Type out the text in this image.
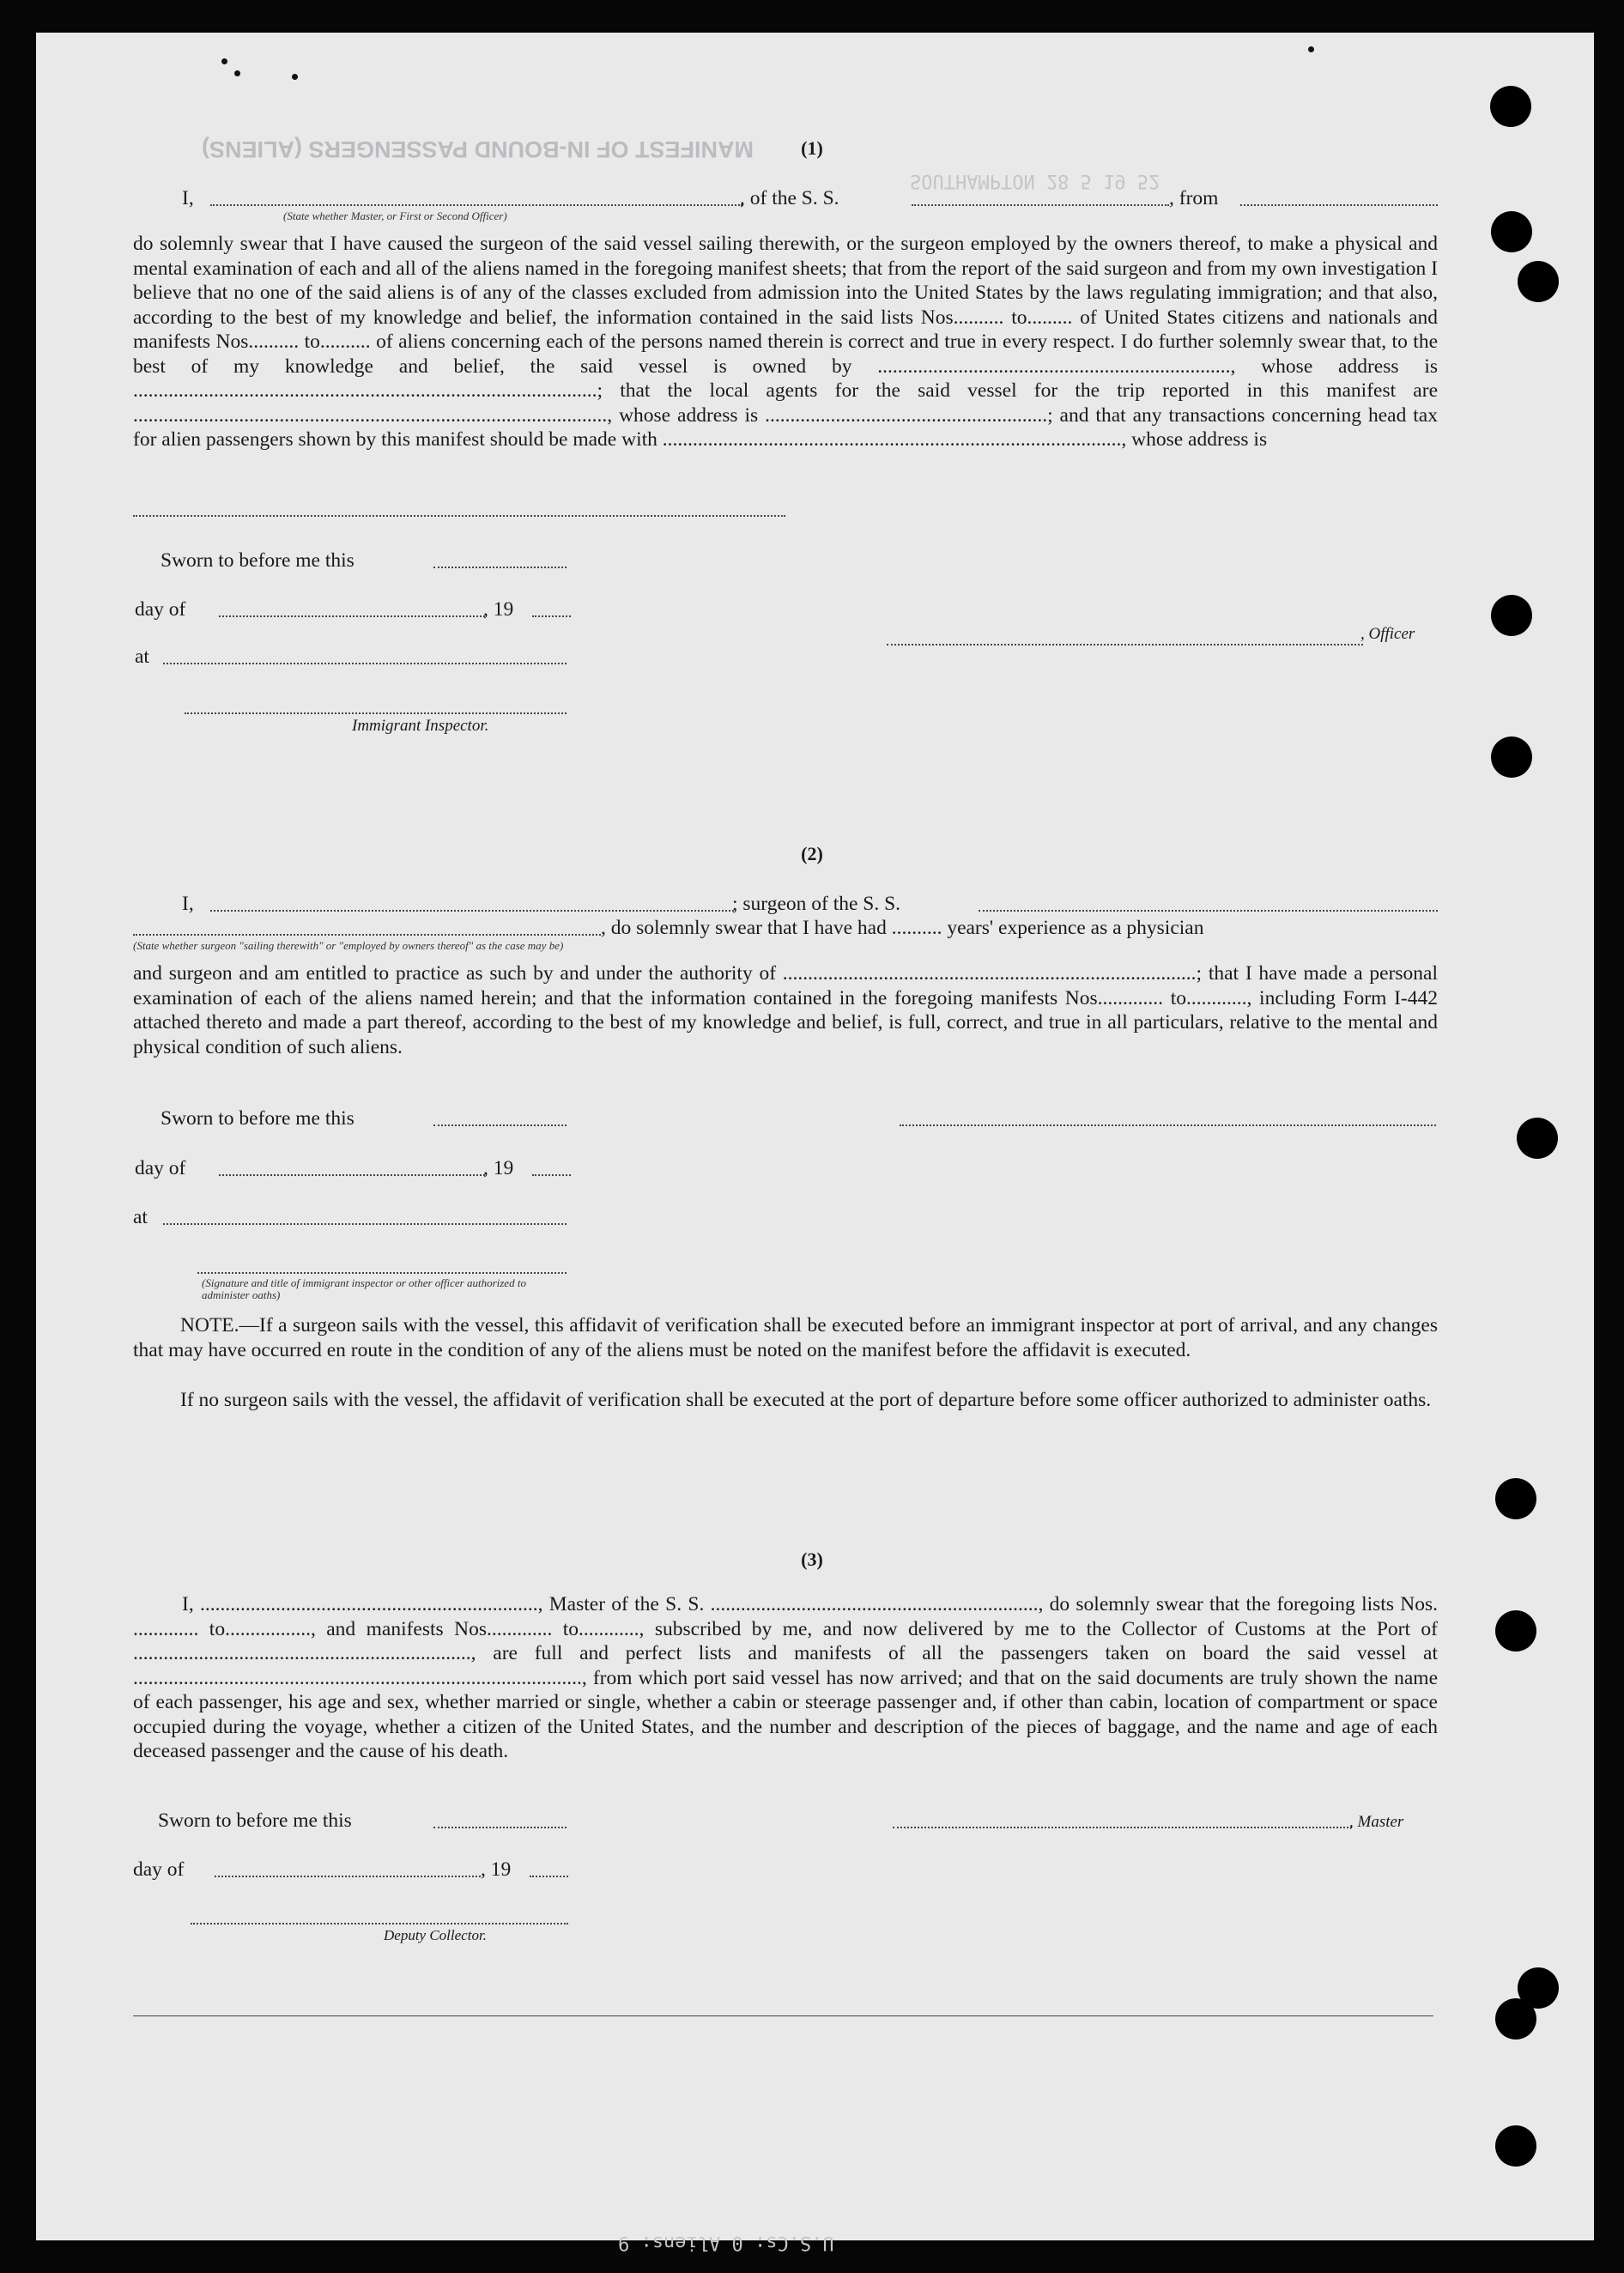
MANIFEST OF IN-BOUND PASSENGERS (ALIENS)
SOUTHAMPTON 28 5 19 52
U.S.Cs: 0 Aliens: 9
(1)
I,	, of the S. S.	, from
(State whether Master, or First or Second Officer)

do solemnly swear that I have caused the surgeon of the said vessel sailing therewith, or the surgeon employed by the owners thereof, to make a physical and mental examination of each and all of the aliens named in the foregoing manifest sheets; that from the report of the said surgeon and from my own investigation I believe that no one of the said aliens is of any of the classes excluded from admission into the United States by the laws regulating immigration; and that also, according to the best of my knowledge and belief, the information contained in the said lists Nos.......... to......... of United States citizens and nationals and manifests Nos.......... to.......... of aliens concerning each of the persons named therein is correct and true in every respect. I do further solemnly swear that, to the best of my knowledge and belief, the said vessel is owned by ......................................................................, whose address is ............................................................................................; that the local agents for the said vessel for the trip reported in this manifest are .............................................................................................., whose address is ........................................................; and that any transactions concerning head tax for alien passengers shown by this manifest should be made with ..........................................................................................., whose address is

Sworn to before me this
day of	, 19
at
Immigrant Inspector.
, Officer
(2)
I,	; surgeon of the S. S.
, do solemnly swear that I have had .......... years' experience as a physician
(State whether surgeon "sailing therewith" or "employed by owners thereof" as the case may be)

and surgeon and am entitled to practice as such by and under the authority of ..................................................................................; that I have made a personal examination of each of the aliens named herein; and that the information contained in the foregoing manifests Nos............. to............, including Form I-442 attached thereto and made a part thereof, according to the best of my knowledge and belief, is full, correct, and true in all particulars, relative to the mental and physical condition of such aliens.

Sworn to before me this
day of	, 19
at
(Signature and title of immigrant inspector or other officer authorized to administer oaths)

NOTE.—If a surgeon sails with the vessel, this affidavit of verification shall be executed before an immigrant inspector at port of arrival, and any changes that may have occurred en route in the condition of any of the aliens must be noted on the manifest before the affidavit is executed.

If no surgeon sails with the vessel, the affidavit of verification shall be executed at the port of departure before some officer authorized to administer oaths.

(3)

I, ..................................................................., Master of the S. S. ................................................................., do solemnly swear that the foregoing lists Nos. ............. to................., and manifests Nos............. to............, subscribed by me, and now delivered by me to the Collector of Customs at the Port of ..................................................................., are full and perfect lists and manifests of all the passengers taken on board the said vessel at ........................................................................................., from which port said vessel has now arrived; and that on the said documents are truly shown the name of each passenger, his age and sex, whether married or single, whether a cabin or steerage passenger and, if other than cabin, location of compartment or space occupied during the voyage, whether a citizen of the United States, and the number and description of the pieces of baggage, and the name and age of each deceased passenger and the cause of his death.

Sworn to before me this	, Master
day of	, 19
Deputy Collector.
